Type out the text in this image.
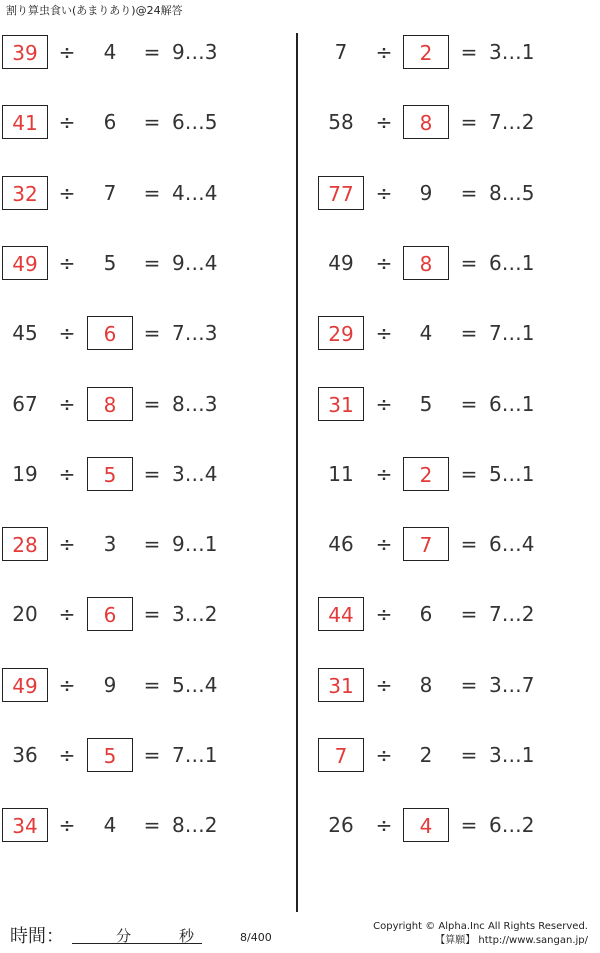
割り算虫食い(あまりあり)@24解答
39	÷	4	= 9…3
41	÷	6	= 6…5
32	÷	7	= 4…4
49	÷	5	= 9…4
45	÷	6	= 7…3
67	÷	8	= 8…3
19	÷	5	= 3…4
28	÷	3	= 9…1
20	÷	6	= 3…2
49	÷	9	= 5…4
36	÷	5	= 7…1
34	÷	4	= 8…2
7	÷	2	= 3…1
58	÷	8	= 7…2
77	÷	9	= 8…5
49	÷	8	= 6…1
29	÷	4	= 7…1
31	÷	5	= 6…1
11	÷	2	= 5…1
46	÷	7	= 6…4
44	÷	6	= 7…2
31	÷	8	= 3…7
7	÷	2	= 3…1
26	÷	4	= 6…2
時間：	分	秒	8/400
Copyright © Alpha.Inc All Rights Reserved.
【算願】 http://www.sangan.jp/
